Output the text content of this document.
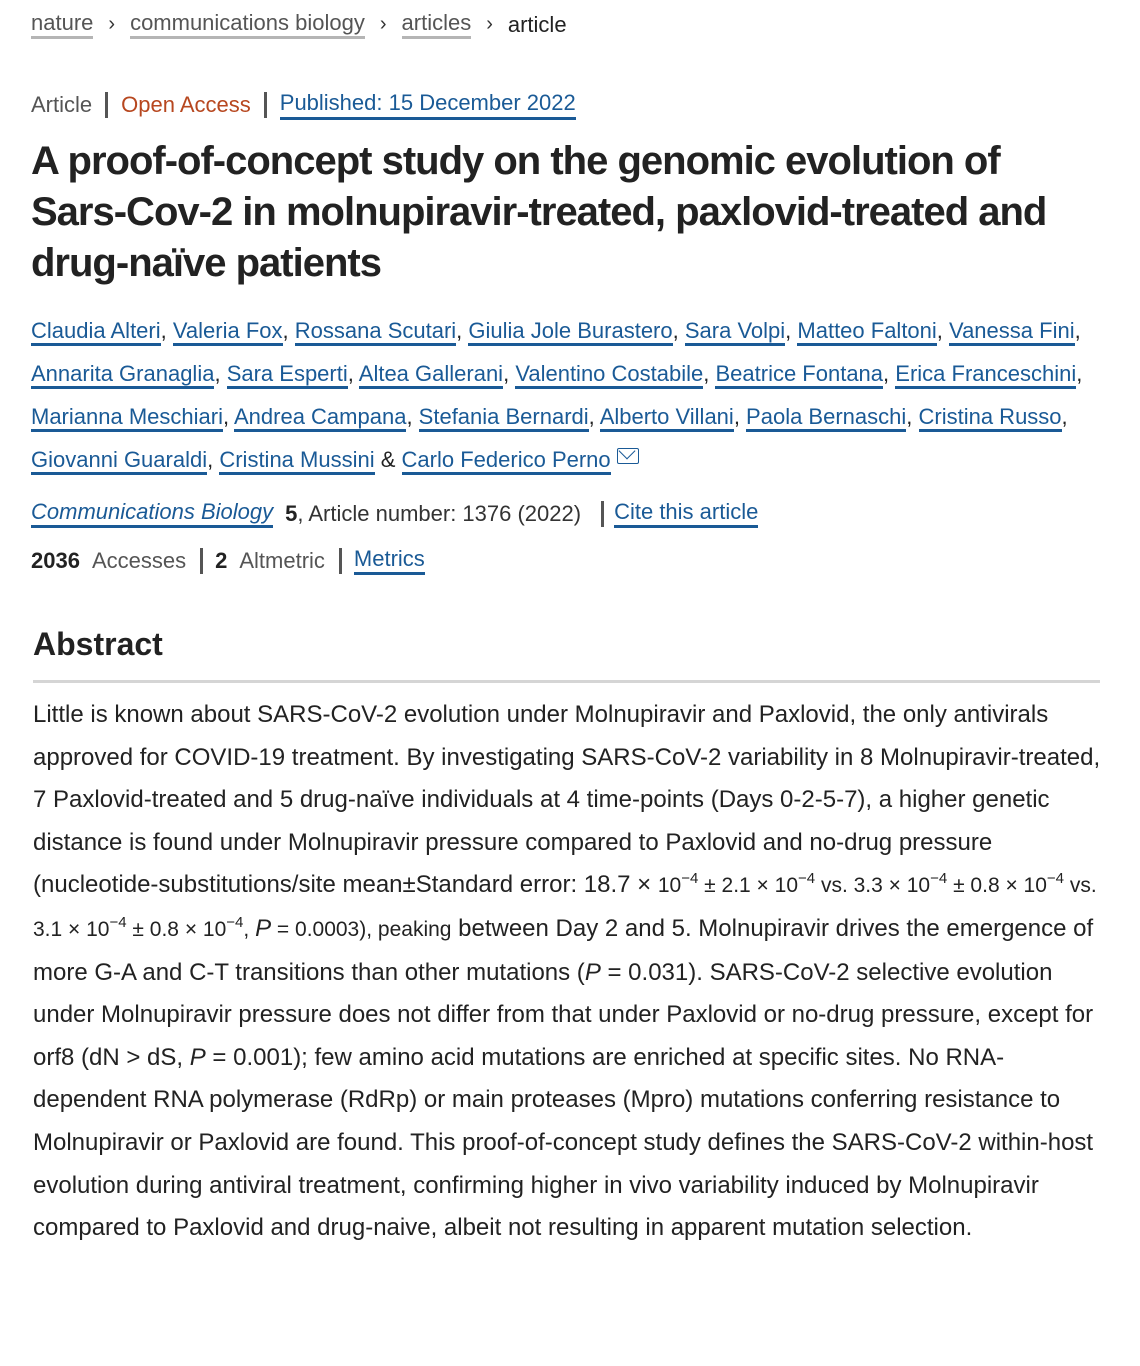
nature › communications biology › articles › article
Article Open Access Published: 15 December 2022
A proof-of-concept study on the genomic evolution of Sars-Cov-2 in molnupiravir-treated, paxlovid-treated and drug-naïve patients
Claudia Alteri, Valeria Fox, Rossana Scutari, Giulia Jole Burastero, Sara Volpi, Matteo Faltoni, Vanessa Fini, Annarita Granaglia, Sara Esperti, Altea Gallerani, Valentino Costabile, Beatrice Fontana, Erica Franceschini, Marianna Meschiari, Andrea Campana, Stefania Bernardi, Alberto Villani, Paola Bernaschi, Cristina Russo, Giovanni Guaraldi, Cristina Mussini & Carlo Federico Perno
Communications Biology 5 , Article number: 1376 (2022) Cite this article
2036 Accesses 2 Altmetric Metrics
Abstract

Little is known about SARS-CoV-2 evolution under Molnupiravir and Paxlovid, the only antivirals approved for COVID-19 treatment. By investigating SARS-CoV-2 variability in 8 Molnupiravir-treated, 7 Paxlovid-treated and 5 drug-naïve individuals at 4 time-points (Days 0-2-5-7), a higher genetic distance is found under Molnupiravir pressure compared to Paxlovid and no-drug pressure (nucleotide-substitutions/site mean±Standard error: $18.7 \times 10^{-4} \pm 2.1 \times 10^{-4}$ vs. $3.3 \times 10^{-4} \pm 0.8 \times 10^{-4}$ vs. $3.1 \times 10^{-4} \pm 0.8 \times 10^{-4}$, P = 0.0003), peaking between Day 2 and 5. Molnupiravir drives the emergence of more G-A and C-T transitions than other mutations (P = 0.031). SARS-CoV-2 selective evolution under Molnupiravir pressure does not differ from that under Paxlovid or no-drug pressure, except for orf8 (dN > dS, P = 0.001); few amino acid mutations are enriched at specific sites. No RNA-dependent RNA polymerase (RdRp) or main proteases (Mpro) mutations conferring resistance to Molnupiravir or Paxlovid are found. This proof-of-concept study defines the SARS-CoV-2 within-host evolution during antiviral treatment, confirming higher in vivo variability induced by Molnupiravir compared to Paxlovid and drug-naive, albeit not resulting in apparent mutation selection.
